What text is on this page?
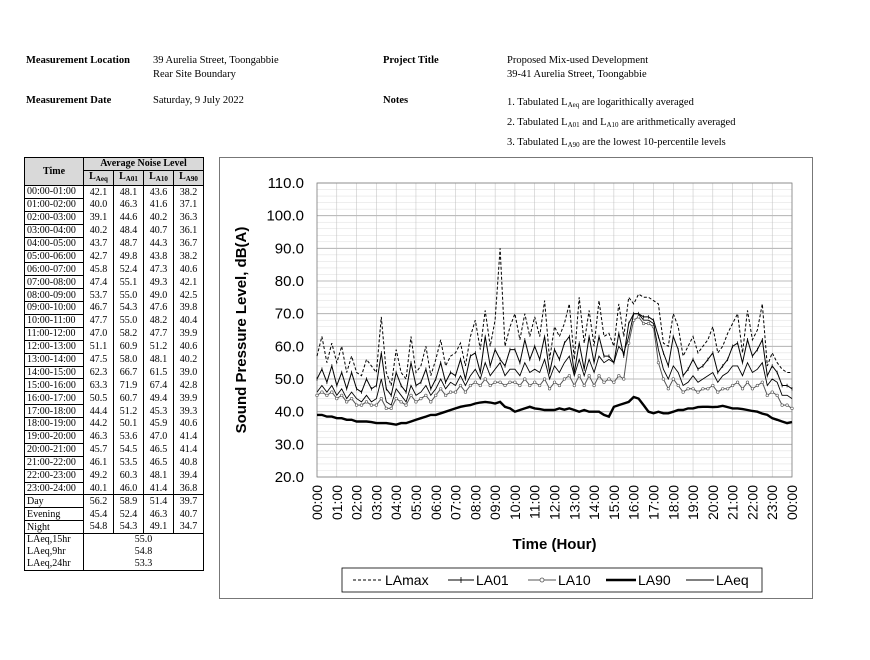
Measurement Location 39 Aurelia Street, Toongabbie
Rear Site Boundary
Measurement Date	Saturday, 9 July 2022
Project Title	Proposed Mix-used Development
39-41 Aurelia Street, Toongabbie
Notes	1. Tabulated $L_{Aeq}$ are logarithically averaged
2. Tabulated $L_{A01}$ and $L_{A10}$ are arithmetically averaged
3. Tabulated $L_{A90}$ are the lowest 10-percentile levels
Time	Average Noise Level			
	$L_{Aeq}$	$L_{A01}$	$L_{A10}$	$L_{A90}$
00:00-01:00	42.1	48.1	43.6	38.2
01:00-02:00	40.0	46.3	41.6	37.1
02:00-03:00	39.1	44.6	40.2	36.3
03:00-04:00	40.2	48.4	40.7	36.1
04:00-05:00	43.7	48.7	44.3	36.7
05:00-06:00	42.7	49.8	43.8	38.2
06:00-07:00	45.8	52.4	47.3	40.6
07:00-08:00	47.4	55.1	49.3	42.1
08:00-09:00	53.7	55.0	49.0	42.5
09:00-10:00	46.7	54.3	47.6	39.8
10:00-11:00	47.7	55.0	48.2	40.4
11:00-12:00	47.0	58.2	47.7	39.9
12:00-13:00	51.1	60.9	51.2	40.6
13:00-14:00	47.5	58.0	48.1	40.2
14:00-15:00	62.3	66.7	61.5	39.0
15:00-16:00	63.3	71.9	67.4	42.8
16:00-17:00	50.5	60.7	49.4	39.9
17:00-18:00	44.4	51.2	45.3	39.3
18:00-19:00	44.2	50.1	45.9	40.6
19:00-20:00	46.3	53.6	47.0	41.4
20:00-21:00	45.7	54.5	46.5	41.4
21:00-22:00	46.1	53.5	46.5	40.8
22:00-23:00	49.2	60.3	48.1	39.4
23:00-24:00	40.1	46.0	41.4	36.8
Day	56.2	58.9	51.4	39.7
Evening	45.4	52.4	46.3	40.7
Night	54.8	54.3	49.1	34.7
LAeq,15hr	55.0			
LAeq,9hr	54.8			
LAeq,24hr	53.3			
20.0
30.0
40.0
50.0
60.0
70.0
80.0
90.0
100.0
110.0
00:00 01:00 02:00 03:00 04:00 05:00 06:00 07:00 08:00 09:00 10:00 11:00 12:00 13:00 14:00 15:00 16:00 17:00 18:00 19:00 20:00 21:00 22:00 23:00 00:00
Time (Hour)
Sound Pressure Level, dB(A)
LAmax	LA01	LA10	LA90	LAeq
